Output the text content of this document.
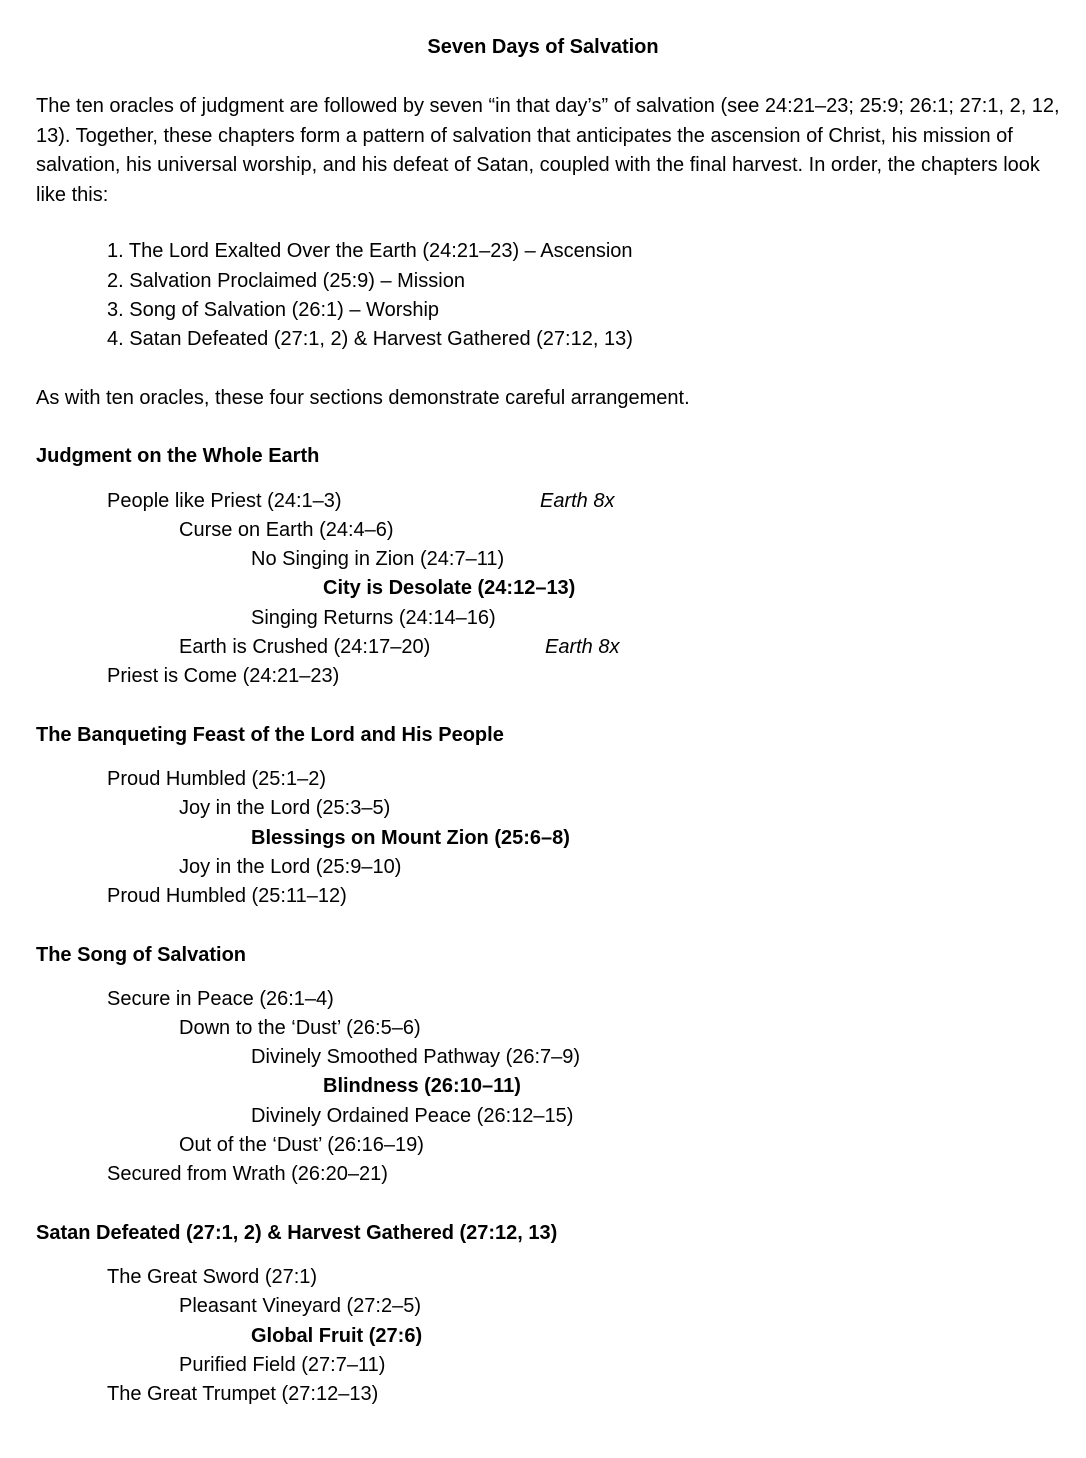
Seven Days of Salvation
The ten oracles of judgment are followed by seven “in that day’s” of salvation (see 24:21–23; 25:9; 26:1; 27:1, 2, 12, 13). Together, these chapters form a pattern of salvation that anticipates the ascension of Christ, his mission of salvation, his universal worship, and his defeat of Satan, coupled with the final harvest. In order, the chapters look like this:
1. The Lord Exalted Over the Earth (24:21–23) – Ascension
2. Salvation Proclaimed (25:9) – Mission
3. Song of Salvation (26:1) – Worship
4. Satan Defeated (27:1, 2) & Harvest Gathered (27:12, 13)
As with ten oracles, these four sections demonstrate careful arrangement.
Judgment on the Whole Earth
People like Priest (24:1–3)	Earth 8x
Curse on Earth (24:4–6)
No Singing in Zion (24:7–11)
City is Desolate (24:12–13)
Singing Returns (24:14–16)
Earth is Crushed (24:17–20)	Earth 8x
Priest is Come (24:21–23)
The Banqueting Feast of the Lord and His People
Proud Humbled (25:1–2)
Joy in the Lord (25:3–5)
Blessings on Mount Zion (25:6–8)
Joy in the Lord (25:9–10)
Proud Humbled (25:11–12)
The Song of Salvation
Secure in Peace (26:1–4)
Down to the ‘Dust’ (26:5–6)
Divinely Smoothed Pathway (26:7–9)
Blindness (26:10–11)
Divinely Ordained Peace (26:12–15)
Out of the ‘Dust’ (26:16–19)
Secured from Wrath (26:20–21)
Satan Defeated (27:1, 2) & Harvest Gathered (27:12, 13)
The Great Sword (27:1)
Pleasant Vineyard (27:2–5)
Global Fruit (27:6)
Purified Field (27:7–11)
The Great Trumpet (27:12–13)
